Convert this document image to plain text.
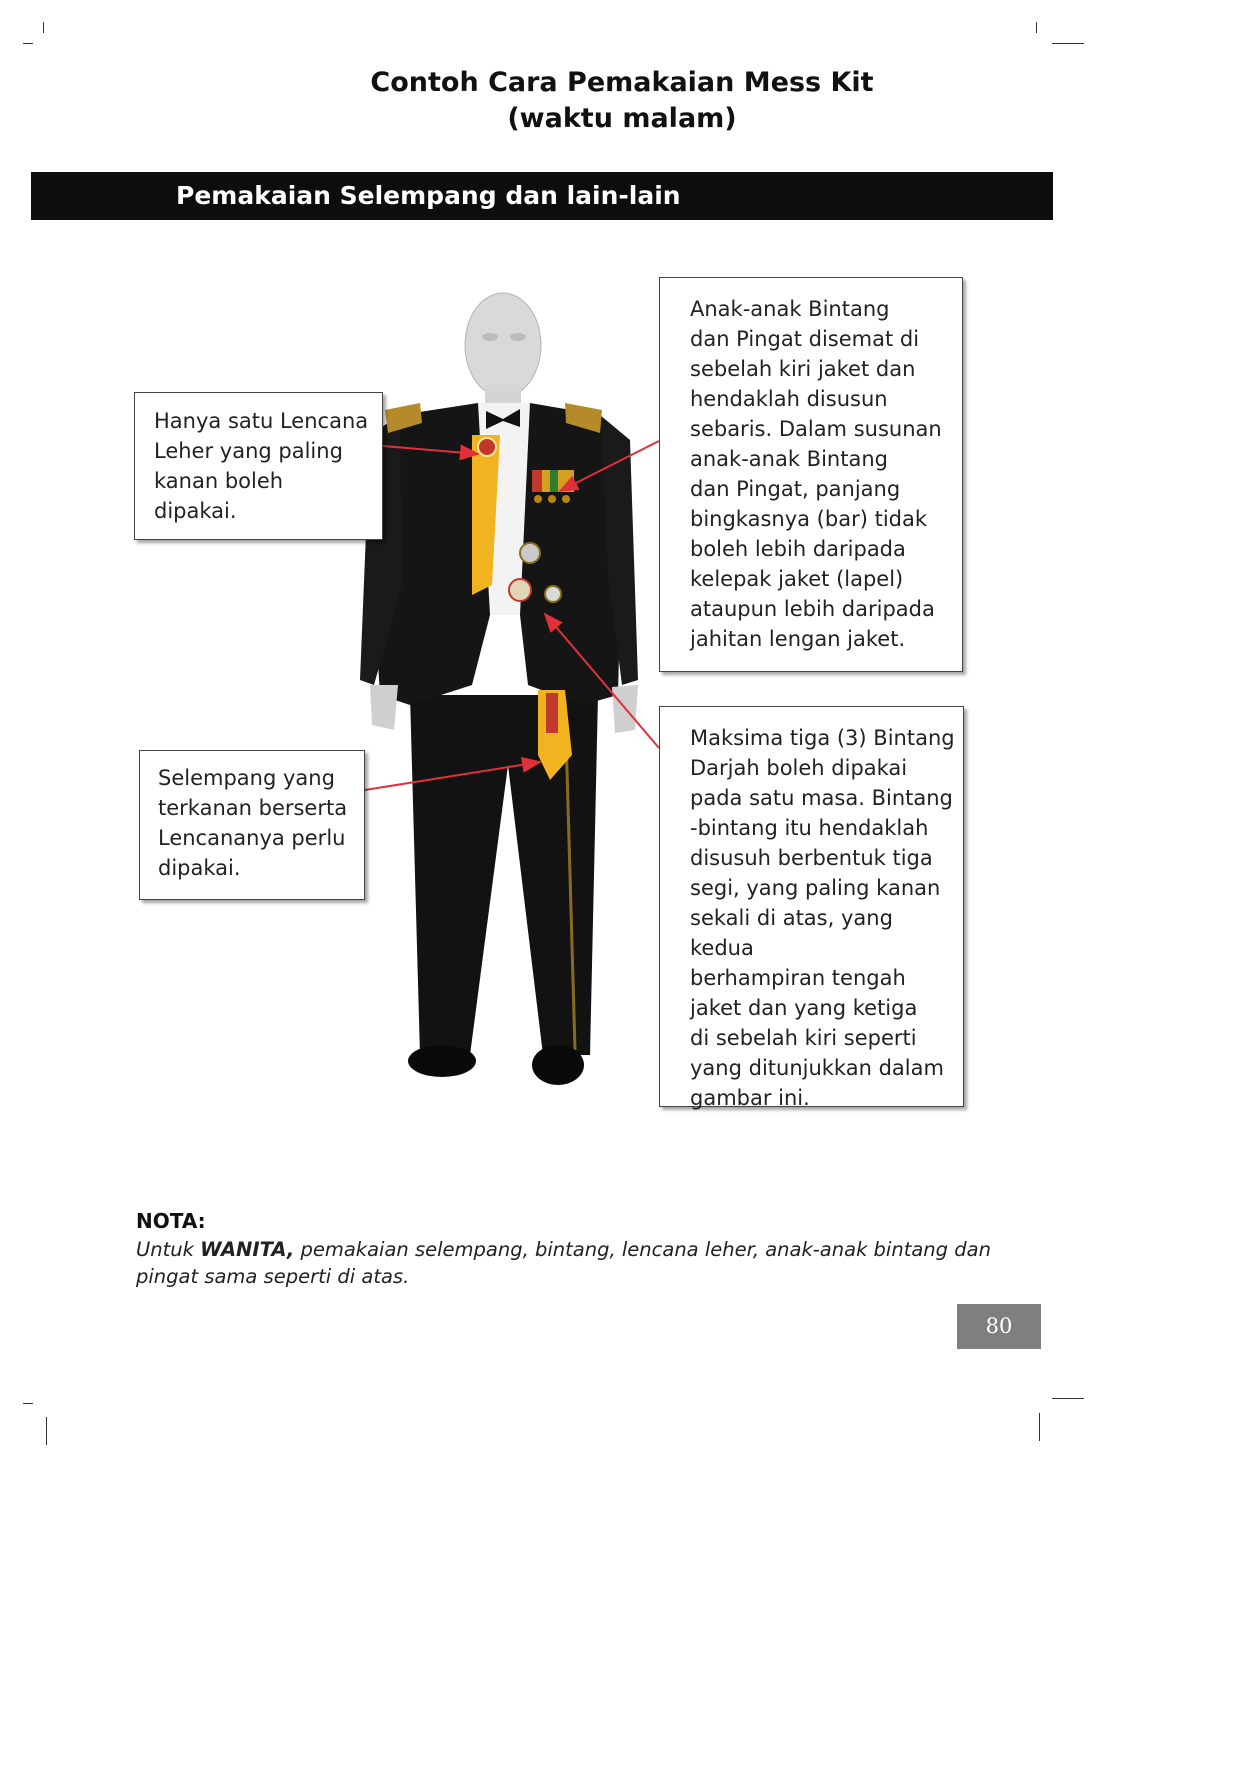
Contoh Cara Pemakaian Mess Kit
(waktu malam)
Pemakaian Selempang dan lain-lain
Hanya satu Lencana
Leher yang paling
kanan boleh dipakai.
Selempang yang
terkanan berserta
Lencananya perlu
dipakai.
Anak-anak Bintang
dan Pingat disemat di
sebelah kiri jaket dan
hendaklah disusun
sebaris. Dalam susunan
anak-anak Bintang
dan Pingat, panjang
bingkasnya (bar) tidak
boleh lebih daripada
kelepak jaket (lapel)
ataupun lebih daripada
jahitan lengan jaket.
Maksima tiga (3) Bintang
Darjah boleh dipakai
pada satu masa. Bintang
-bintang itu hendaklah
disusuh berbentuk tiga
segi, yang paling kanan
sekali di atas, yang kedua
berhampiran tengah
jaket dan yang ketiga
di sebelah kiri seperti
yang ditunjukkan dalam
gambar ini.
NOTA:
Untuk WANITA, pemakaian selempang, bintang, lencana leher, anak-anak bintang dan pingat sama seperti di atas.
80
